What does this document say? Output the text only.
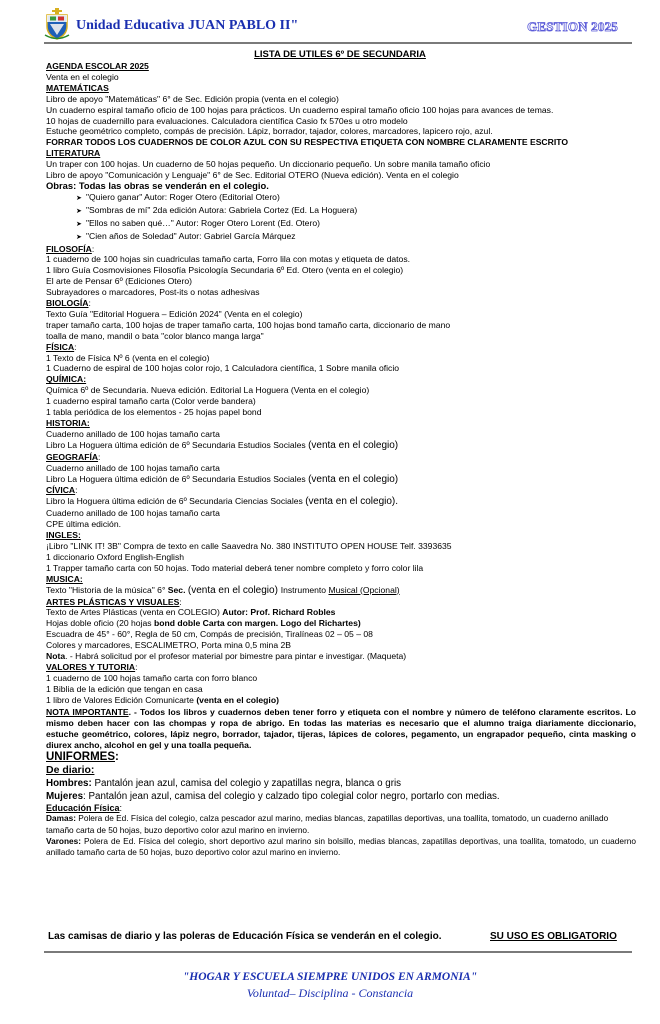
Unidad Educativa JUAN PABLO II"	GESTION 2025
LISTA DE UTILES 6º DE SECUNDARIA
AGENDA ESCOLAR 2025
Venta en el colegio
MATEMÁTICAS
Libro de apoyo "Matemáticas" 6° de Sec. Edición propia (venta en el colegio)
Un cuaderno espiral tamaño oficio de 100 hojas para prácticos. Un cuaderno espiral tamaño oficio 100 hojas para avances de temas.
10 hojas de cuadernillo para evaluaciones. Calculadora científica Casio fx 570es u otro modelo
Estuche geométrico completo, compás de precisión. Lápiz, borrador, tajador, colores, marcadores, lapicero rojo, azul.
FORRAR TODOS LOS CUADERNOS DE COLOR AZUL CON SU RESPECTIVA ETIQUETA CON NOMBRE CLARAMENTE ESCRITO
LITERATURA
Un traper con 100 hojas. Un cuaderno de 50 hojas pequeño. Un diccionario pequeño. Un sobre manila tamaño oficio
Libro de apoyo "Comunicación y Lenguaje" 6° de Sec. Editorial OTERO (Nueva edición). Venta en el colegio
Obras: Todas las obras se venderán en el colegio.
➤ "Quiero ganar" Autor: Roger Otero (Editorial Otero)
➤ "Sombras de mí" 2da edición Autora: Gabriela Cortez (Ed. La Hoguera)
➤ "Ellos no saben qué…" Autor: Roger Otero Lorent (Ed. Otero)
➤ "Cien años de Soledad" Autor: Gabriel García Márquez
FILOSOFÍA:
1 cuaderno de 100 hojas sin cuadriculas tamaño carta, Forro lila con motas y etiqueta de datos.
1 libro Guía Cosmovisiones Filosofía Psicología Secundaria 6º Ed. Otero (venta en el colegio)
El arte de Pensar 6º (Ediciones Otero)
Subrayadores o marcadores, Post-its o notas adhesivas
BIOLOGÍA:
Texto Guía "Editorial Hoguera – Edición 2024" (Venta en el colegio)
traper tamaño carta, 100 hojas de traper tamaño carta, 100 hojas bond tamaño carta, diccionario de mano
toalla de mano, mandil o bata "color blanco manga larga"
FÍSICA:
1 Texto de Física Nº 6 (venta en el colegio)
1 Cuaderno de espiral de 100 hojas color rojo, 1 Calculadora científica, 1 Sobre manila oficio
QUÍMICA:
Química 6º de Secundaria. Nueva edición. Editorial La Hoguera (Venta en el colegio)
1 cuaderno espiral tamaño carta (Color verde bandera)
1 tabla periódica de los elementos - 25 hojas papel bond
HISTORIA:
Cuaderno anillado de 100 hojas tamaño carta
Libro La Hoguera última edición de 6º Secundaria Estudios Sociales (venta en el colegio)
GEOGRAFÍA:
Cuaderno anillado de 100 hojas tamaño carta
Libro La Hoguera última edición de 6º Secundaria Estudios Sociales (venta en el colegio)
CÍVICA:
Libro la Hoguera última edición de 6º Secundaria Ciencias Sociales (venta en el colegio).
Cuaderno anillado de 100 hojas tamaño carta
CPE última edición.
INGLES:
¡Libro "LINK IT! 3B" Compra de texto en calle Saavedra No. 380 INSTITUTO OPEN HOUSE Telf. 3393635
1 diccionario Oxford English-English
1 Trapper tamaño carta con 50 hojas. Todo material deberá tener nombre completo y forro color lila
MUSICA:
Texto "Historia de la música" 6° Sec. (venta en el colegio) Instrumento Musical (Opcional)
ARTES PLÁSTICAS Y VISUALES:
Texto de Artes Plásticas (venta en COLEGIO) Autor: Prof. Richard Robles
Hojas doble oficio (20 hojas bond doble Carta con margen. Logo del Richartes)
Escuadra de 45° - 60°, Regla de 50 cm, Compás de precisión, Tiralíneas 02 – 05 – 08
Colores y marcadores, ESCALIMETRO, Porta mina 0,5 mina 2B
Nota. - Habrá solicitud por el profesor material por bimestre para pintar e investigar. (Maqueta)
VALORES Y TUTORIA:
1 cuaderno de 100 hojas tamaño carta con forro blanco
1 Biblia de la edición que tengan en casa
1 libro de Valores Edición Comunicarte (venta en el colegio)
NOTA IMPORTANTE. - Todos los libros y cuadernos deben tener forro y etiqueta con el nombre y número de teléfono claramente escritos. Lo mismo deben hacer con las chompas y ropa de abrigo. En todas las materias es necesario que el alumno traiga diariamente diccionario, estuche geométrico, colores, lápiz negro, borrador, tajador, tijeras, lápices de colores, pegamento, un engrapador pequeño, cinta masking o diurex ancho, alcohol en gel y una toalla pequeña.
UNIFORMES:
De diario:
Hombres: Pantalón jean azul, camisa del colegio y zapatillas negra, blanca o gris
Mujeres: Pantalón jean azul, camisa del colegio y calzado tipo colegial color negro, portarlo con medias.
Educación Física:
Damas: Polera de Ed. Física del colegio, calza pescador azul marino, medias blancas, zapatillas deportivas, una toallita, tomatodo, un cuaderno anillado tamaño carta de 50 hojas, buzo deportivo color azul marino en invierno.
Varones: Polera de Ed. Física del colegio, short deportivo azul marino sin bolsillo, medias blancas, zapatillas deportivas, una toallita, tomatodo, un cuaderno anillado tamaño carta de 50 hojas, buzo deportivo color azul marino en invierno.
Las camisas de diario y las poleras de Educación Física se venderán en el colegio.	SU USO ES OBLIGATORIO
"HOGAR Y ESCUELA SIEMPRE UNIDOS EN ARMONIA"
Voluntad– Disciplina - Constancia
